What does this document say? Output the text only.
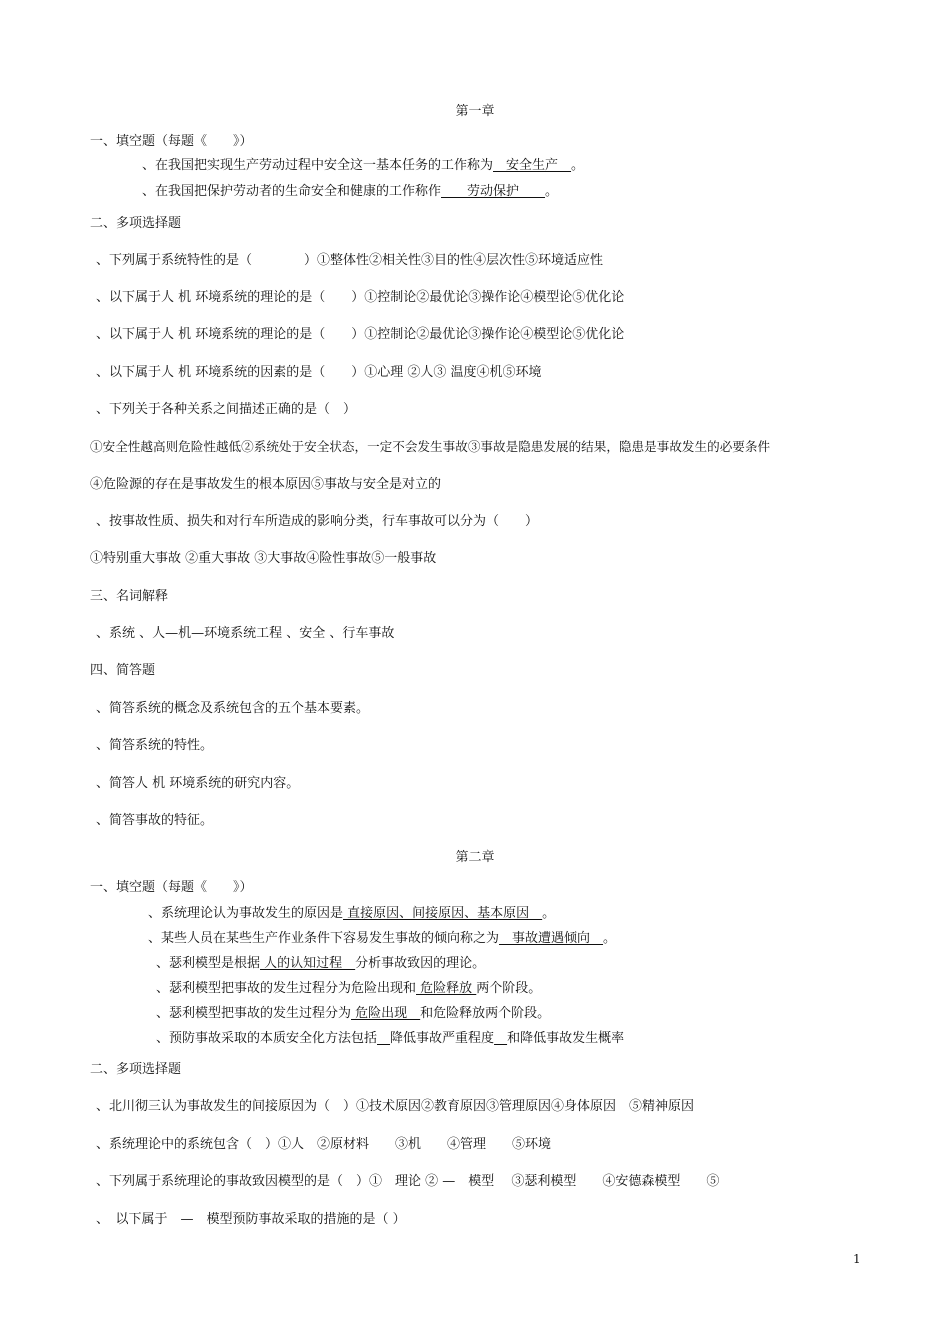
第一章
一、填空题（每题《　　》）
、在我国把实现生产劳动过程中安全这一基本任务的工作称为　安全生产　。
、在我国把保护劳动者的生命安全和健康的工作称作　　劳动保护　　。
二、多项选择题
、下列属于系统特性的是（　　　　）①整体性②相关性③目的性④层次性⑤环境适应性
、以下属于人 机 环境系统的理论的是（　　）①控制论②最优论③操作论④模型论⑤优化论
、以下属于人 机 环境系统的理论的是（　　）①控制论②最优论③操作论④模型论⑤优化论
、以下属于人 机 环境系统的因素的是（　　）①心理 ②人③ 温度④机⑤环境
、下列关于各种关系之间描述正确的是（　）
①安全性越高则危险性越低②系统处于安全状态，一定不会发生事故③事故是隐患发展的结果，隐患是事故发生的必要条件
④危险源的存在是事故发生的根本原因⑤事故与安全是对立的
、按事故性质、损失和对行车所造成的影响分类，行车事故可以分为（　　）
①特别重大事故 ②重大事故 ③大事故④险性事故⑤一般事故
三、名词解释
、系统 、人—机—环境系统工程 、安全 、行车事故
四、简答题
、简答系统的概念及系统包含的五个基本要素。
、简答系统的特性。
、简答人 机 环境系统的研究内容。
、简答事故的特征。
第二章
一、填空题（每题《　　》）
、系统理论认为事故发生的原因是 直接原因、间接原因、基本原因　。
、某些人员在某些生产作业条件下容易发生事故的倾向称之为　事故遭遇倾向　。
、瑟利模型是根据 人的认知过程　分析事故致因的理论。
、瑟利模型把事故的发生过程分为危险出现和 危险释放 两个阶段。
、瑟利模型把事故的发生过程分为 危险出现　和危险释放两个阶段。
、预防事故采取的本质安全化方法包括　 降低事故严重程度　 和降低事故发生概率
二、多项选择题
、北川彻三认为事故发生的间接原因为（　）①技术原因②教育原因③管理原因④身体原因　⑤精神原因
、系统理论中的系统包含（　）①人　②原材料　　③机　　④管理　　⑤环境
、下列属于系统理论的事故致因模型的是（　）①　理论 ② —　模型　 ③瑟利模型　　④安德森模型　　⑤
、　以下属于　—　模型预防事故采取的措施的是（ ）
1
